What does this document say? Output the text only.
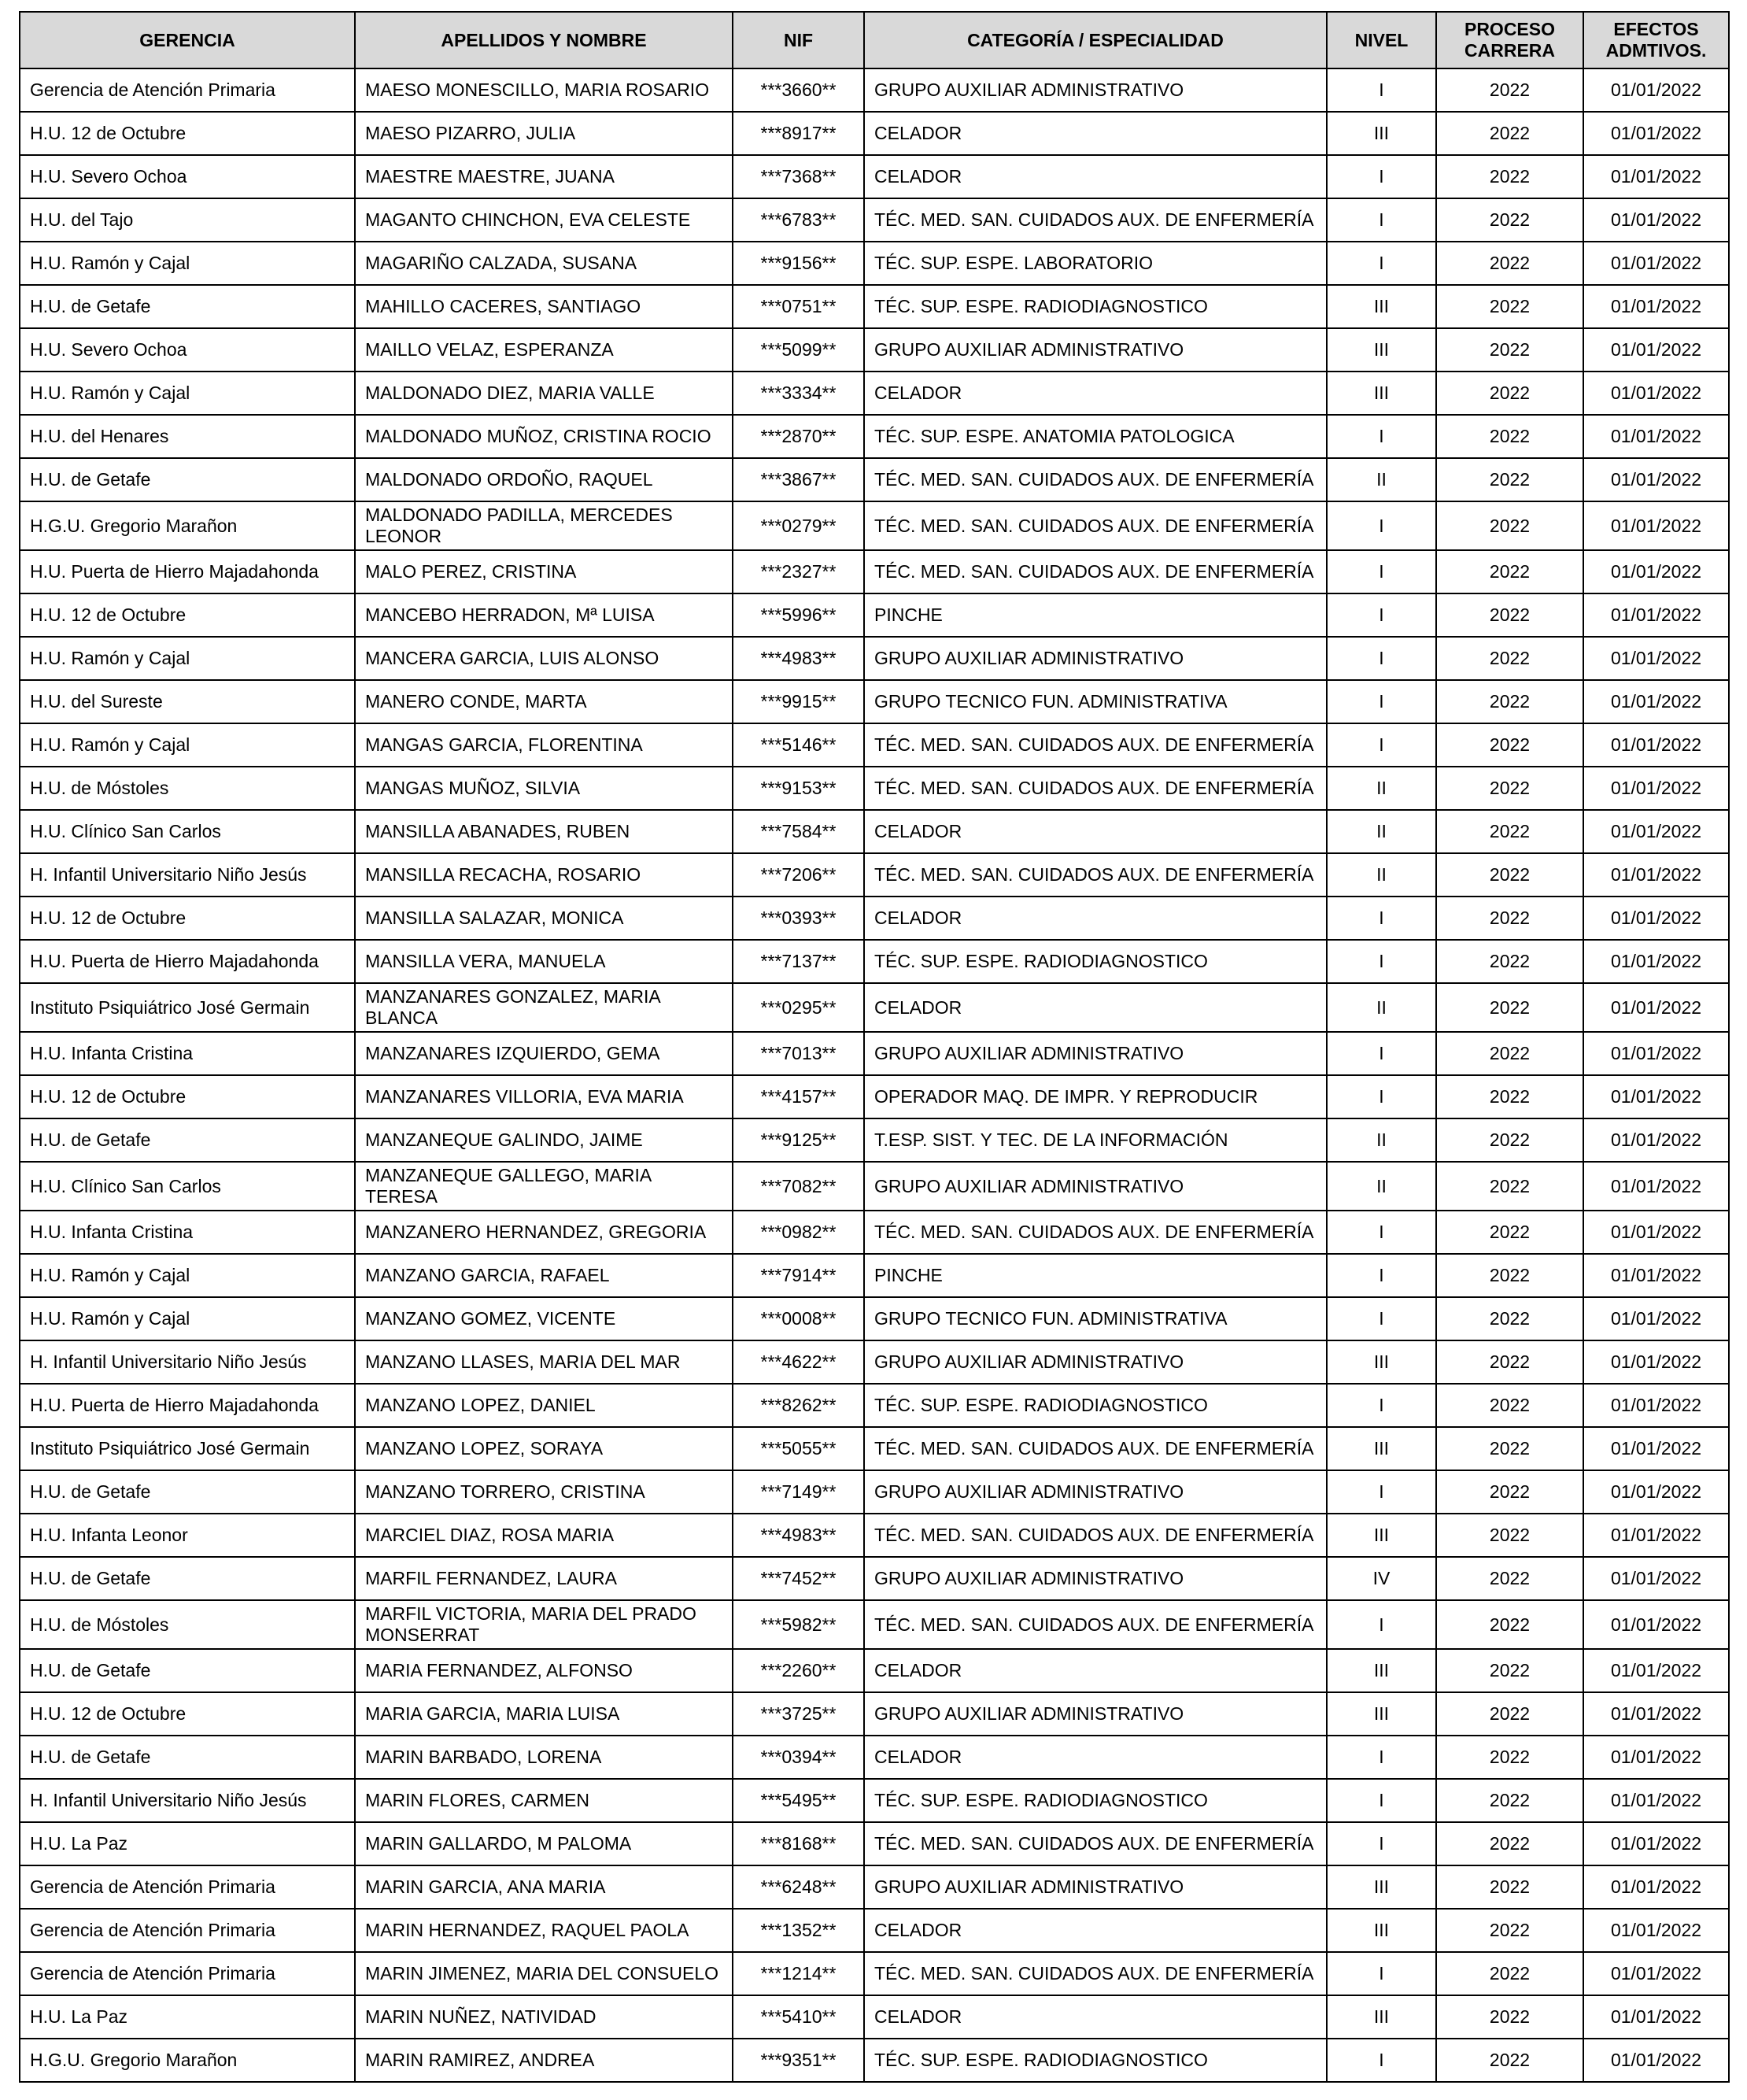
GERENCIA	APELLIDOS Y NOMBRE	NIF	CATEGORÍA / ESPECIALIDAD	NIVEL	PROCESO CARRERA	EFECTOS ADMTIVOS.
Gerencia de Atención Primaria	MAESO MONESCILLO, MARIA ROSARIO	***3660**	GRUPO AUXILIAR ADMINISTRATIVO	I	2022	01/01/2022
H.U. 12 de Octubre	MAESO PIZARRO, JULIA	***8917**	CELADOR	III	2022	01/01/2022
H.U. Severo Ochoa	MAESTRE MAESTRE, JUANA	***7368**	CELADOR	I	2022	01/01/2022
H.U. del Tajo	MAGANTO CHINCHON, EVA CELESTE	***6783**	TÉC. MED. SAN. CUIDADOS AUX. DE ENFERMERÍA	I	2022	01/01/2022
H.U. Ramón y Cajal	MAGARIÑO CALZADA, SUSANA	***9156**	TÉC. SUP. ESPE. LABORATORIO	I	2022	01/01/2022
H.U. de Getafe	MAHILLO CACERES, SANTIAGO	***0751**	TÉC. SUP. ESPE. RADIODIAGNOSTICO	III	2022	01/01/2022
H.U. Severo Ochoa	MAILLO VELAZ, ESPERANZA	***5099**	GRUPO AUXILIAR ADMINISTRATIVO	III	2022	01/01/2022
H.U. Ramón y Cajal	MALDONADO DIEZ, MARIA VALLE	***3334**	CELADOR	III	2022	01/01/2022
H.U. del Henares	MALDONADO MUÑOZ, CRISTINA ROCIO	***2870**	TÉC. SUP. ESPE. ANATOMIA PATOLOGICA	I	2022	01/01/2022
H.U. de Getafe	MALDONADO ORDOÑO, RAQUEL	***3867**	TÉC. MED. SAN. CUIDADOS AUX. DE ENFERMERÍA	II	2022	01/01/2022
H.G.U. Gregorio Marañon	MALDONADO PADILLA, MERCEDES LEONOR	***0279**	TÉC. MED. SAN. CUIDADOS AUX. DE ENFERMERÍA	I	2022	01/01/2022
H.U. Puerta de Hierro Majadahonda	MALO PEREZ, CRISTINA	***2327**	TÉC. MED. SAN. CUIDADOS AUX. DE ENFERMERÍA	I	2022	01/01/2022
H.U. 12 de Octubre	MANCEBO HERRADON, Mª LUISA	***5996**	PINCHE	I	2022	01/01/2022
H.U. Ramón y Cajal	MANCERA GARCIA, LUIS ALONSO	***4983**	GRUPO AUXILIAR ADMINISTRATIVO	I	2022	01/01/2022
H.U. del Sureste	MANERO CONDE, MARTA	***9915**	GRUPO TECNICO FUN. ADMINISTRATIVA	I	2022	01/01/2022
H.U. Ramón y Cajal	MANGAS GARCIA, FLORENTINA	***5146**	TÉC. MED. SAN. CUIDADOS AUX. DE ENFERMERÍA	I	2022	01/01/2022
H.U. de Móstoles	MANGAS MUÑOZ, SILVIA	***9153**	TÉC. MED. SAN. CUIDADOS AUX. DE ENFERMERÍA	II	2022	01/01/2022
H.U. Clínico San Carlos	MANSILLA ABANADES, RUBEN	***7584**	CELADOR	II	2022	01/01/2022
H. Infantil Universitario Niño Jesús	MANSILLA RECACHA, ROSARIO	***7206**	TÉC. MED. SAN. CUIDADOS AUX. DE ENFERMERÍA	II	2022	01/01/2022
H.U. 12 de Octubre	MANSILLA SALAZAR, MONICA	***0393**	CELADOR	I	2022	01/01/2022
H.U. Puerta de Hierro Majadahonda	MANSILLA VERA, MANUELA	***7137**	TÉC. SUP. ESPE. RADIODIAGNOSTICO	I	2022	01/01/2022
Instituto Psiquiátrico José Germain	MANZANARES GONZALEZ, MARIA BLANCA	***0295**	CELADOR	II	2022	01/01/2022
H.U. Infanta Cristina	MANZANARES IZQUIERDO, GEMA	***7013**	GRUPO AUXILIAR ADMINISTRATIVO	I	2022	01/01/2022
H.U. 12 de Octubre	MANZANARES VILLORIA, EVA MARIA	***4157**	OPERADOR MAQ. DE IMPR. Y REPRODUCIR	I	2022	01/01/2022
H.U. de Getafe	MANZANEQUE GALINDO, JAIME	***9125**	T.ESP. SIST. Y TEC. DE LA INFORMACIÓN	II	2022	01/01/2022
H.U. Clínico San Carlos	MANZANEQUE GALLEGO, MARIA TERESA	***7082**	GRUPO AUXILIAR ADMINISTRATIVO	II	2022	01/01/2022
H.U. Infanta Cristina	MANZANERO HERNANDEZ, GREGORIA	***0982**	TÉC. MED. SAN. CUIDADOS AUX. DE ENFERMERÍA	I	2022	01/01/2022
H.U. Ramón y Cajal	MANZANO GARCIA, RAFAEL	***7914**	PINCHE	I	2022	01/01/2022
H.U. Ramón y Cajal	MANZANO GOMEZ, VICENTE	***0008**	GRUPO TECNICO FUN. ADMINISTRATIVA	I	2022	01/01/2022
H. Infantil Universitario Niño Jesús	MANZANO LLASES, MARIA DEL MAR	***4622**	GRUPO AUXILIAR ADMINISTRATIVO	III	2022	01/01/2022
H.U. Puerta de Hierro Majadahonda	MANZANO LOPEZ, DANIEL	***8262**	TÉC. SUP. ESPE. RADIODIAGNOSTICO	I	2022	01/01/2022
Instituto Psiquiátrico José Germain	MANZANO LOPEZ, SORAYA	***5055**	TÉC. MED. SAN. CUIDADOS AUX. DE ENFERMERÍA	III	2022	01/01/2022
H.U. de Getafe	MANZANO TORRERO, CRISTINA	***7149**	GRUPO AUXILIAR ADMINISTRATIVO	I	2022	01/01/2022
H.U. Infanta Leonor	MARCIEL DIAZ, ROSA MARIA	***4983**	TÉC. MED. SAN. CUIDADOS AUX. DE ENFERMERÍA	III	2022	01/01/2022
H.U. de Getafe	MARFIL FERNANDEZ, LAURA	***7452**	GRUPO AUXILIAR ADMINISTRATIVO	IV	2022	01/01/2022
H.U. de Móstoles	MARFIL VICTORIA, MARIA DEL PRADO MONSERRAT	***5982**	TÉC. MED. SAN. CUIDADOS AUX. DE ENFERMERÍA	I	2022	01/01/2022
H.U. de Getafe	MARIA FERNANDEZ, ALFONSO	***2260**	CELADOR	III	2022	01/01/2022
H.U. 12 de Octubre	MARIA GARCIA, MARIA LUISA	***3725**	GRUPO AUXILIAR ADMINISTRATIVO	III	2022	01/01/2022
H.U. de Getafe	MARIN BARBADO, LORENA	***0394**	CELADOR	I	2022	01/01/2022
H. Infantil Universitario Niño Jesús	MARIN FLORES, CARMEN	***5495**	TÉC. SUP. ESPE. RADIODIAGNOSTICO	I	2022	01/01/2022
H.U. La Paz	MARIN GALLARDO, M PALOMA	***8168**	TÉC. MED. SAN. CUIDADOS AUX. DE ENFERMERÍA	I	2022	01/01/2022
Gerencia de Atención Primaria	MARIN GARCIA, ANA MARIA	***6248**	GRUPO AUXILIAR ADMINISTRATIVO	III	2022	01/01/2022
Gerencia de Atención Primaria	MARIN HERNANDEZ, RAQUEL PAOLA	***1352**	CELADOR	III	2022	01/01/2022
Gerencia de Atención Primaria	MARIN JIMENEZ, MARIA DEL CONSUELO	***1214**	TÉC. MED. SAN. CUIDADOS AUX. DE ENFERMERÍA	I	2022	01/01/2022
H.U. La Paz	MARIN NUÑEZ, NATIVIDAD	***5410**	CELADOR	III	2022	01/01/2022
H.G.U. Gregorio Marañon	MARIN RAMIREZ, ANDREA	***9351**	TÉC. SUP. ESPE. RADIODIAGNOSTICO	I	2022	01/01/2022
